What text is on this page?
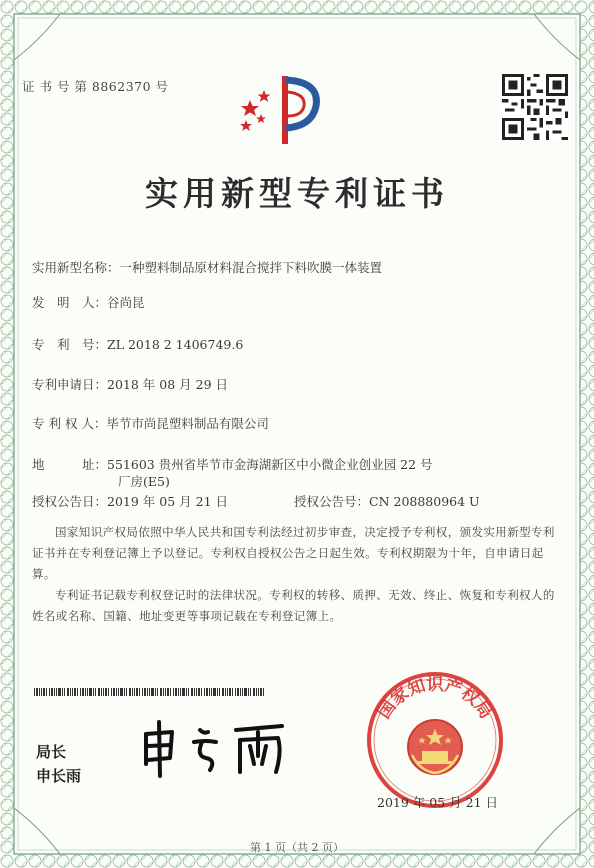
证 书 号 第 8862370 号
实用新型专利证书
实用新型名称：一种塑料制品原材料混合搅拌下料吹膜一体装置
发　明　人：谷尚昆
专　利　号：ZL 2018 2 1406749.6
专利申请日：2018 年 08 月 29 日
专 利 权 人：毕节市尚昆塑料制品有限公司
地　　　址：551603 贵州省毕节市金海湖新区中小微企业创业园 22 号
厂房(E5)
授权公告日：2019 年 05 月 21 日	授权公告号：CN 208880964 U
国家知识产权局依照中华人民共和国专利法经过初步审查，决定授予专利权，颁发实用新型专利证书并在专利登记簿上予以登记。专利权自授权公告之日起生效。专利权期限为十年，自申请日起算。
专利证书记载专利权登记时的法律状况。专利权的转移、质押、无效、终止、恢复和专利权人的姓名或名称、国籍、地址变更等事项记载在专利登记簿上。
局长
申长雨
国家知识产权局
2019 年 05 月 21 日
第 1 页（共 2 页）
